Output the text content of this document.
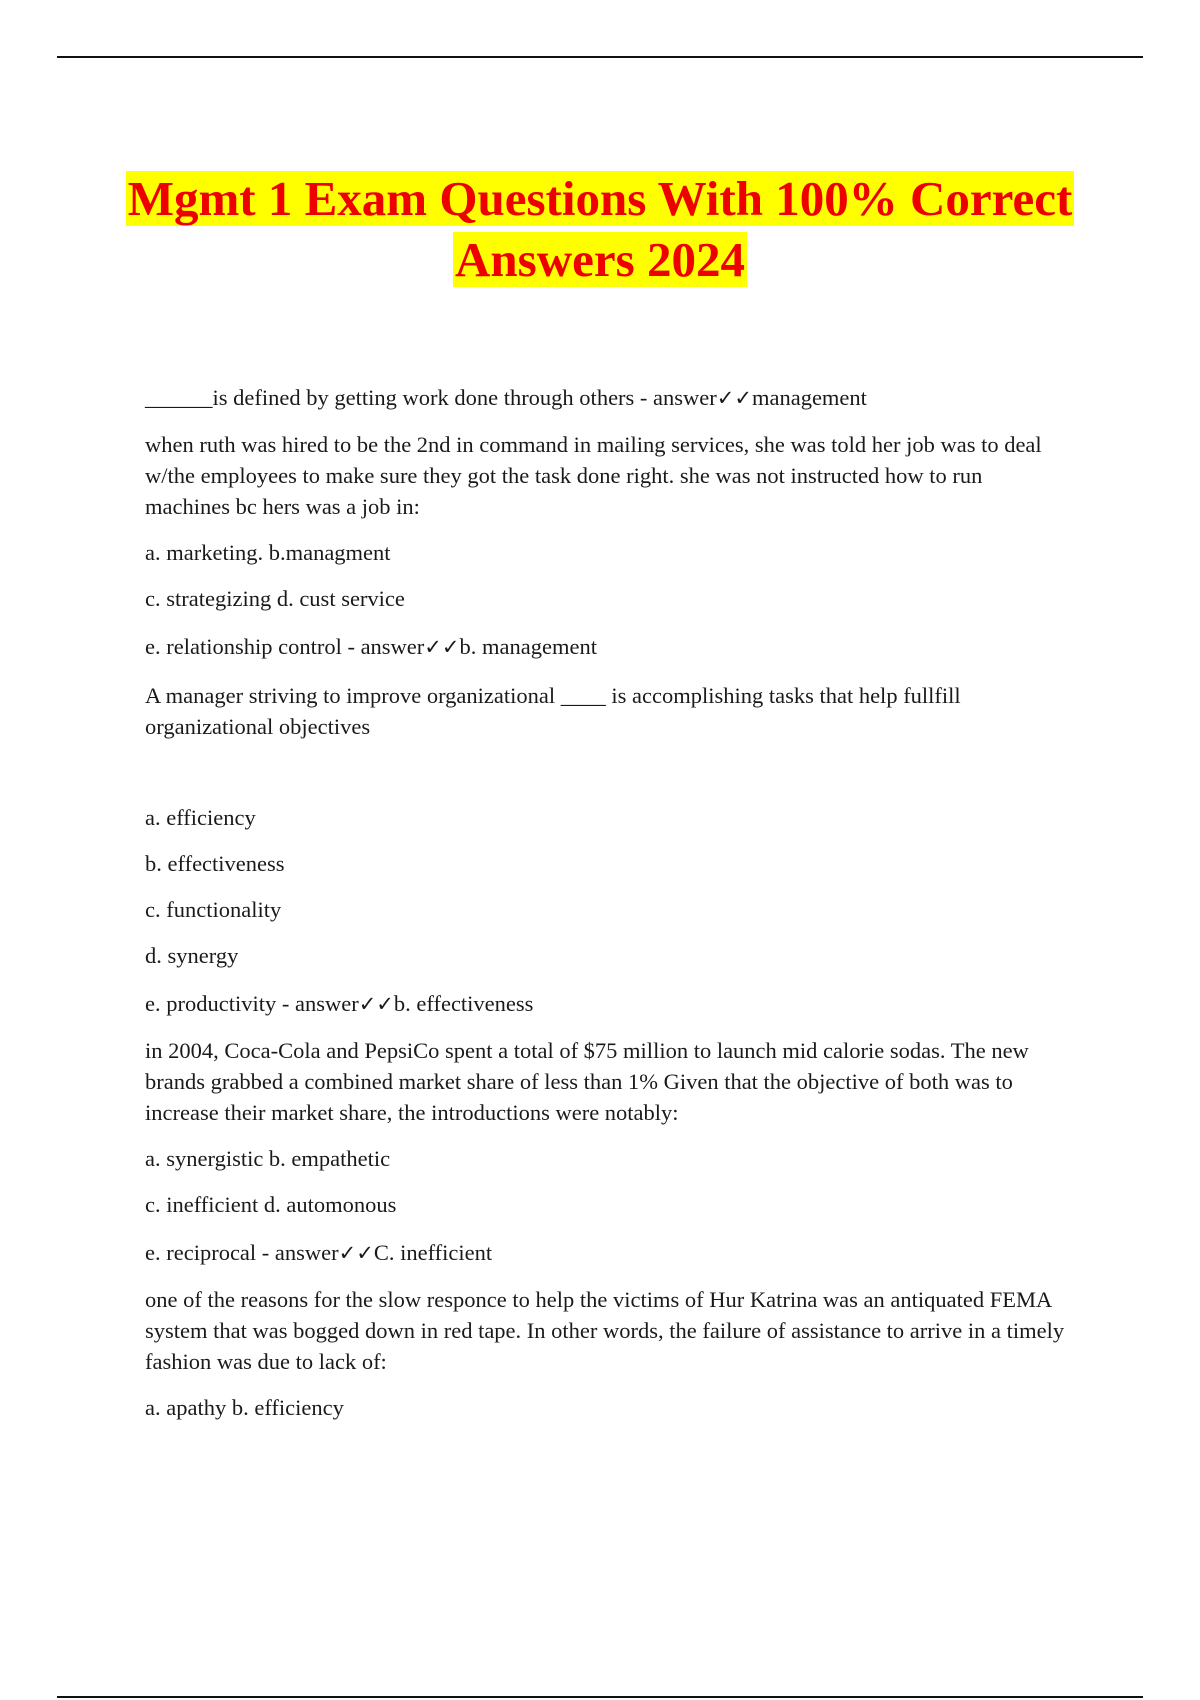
Mgmt 1 Exam Questions With 100% Correct
Answers 2024

______is defined by getting work done through others - answer✓✓management

when ruth was hired to be the 2nd in command in mailing services, she was told her job was to deal w/the employees to make sure they got the task done right. she was not instructed how to run machines bc hers was a job in:

a. marketing. b.managment

c. strategizing d. cust service

e. relationship control - answer✓✓b. management

A manager striving to improve organizational ____ is accomplishing tasks that help fullfill organizational objectives

a. efficiency

b. effectiveness

c. functionality

d. synergy

e. productivity - answer✓✓b. effectiveness

in 2004, Coca-Cola and PepsiCo spent a total of $75 million to launch mid calorie sodas. The new brands grabbed a combined market share of less than 1% Given that the objective of both was to increase their market share, the introductions were notably:

a. synergistic b. empathetic

c. inefficient d. automonous

e. reciprocal - answer✓✓C. inefficient

one of the reasons for the slow responce to help the victims of Hur Katrina was an antiquated FEMA system that was bogged down in red tape. In other words, the failure of assistance to arrive in a timely fashion was due to lack of:

a. apathy b. efficiency
